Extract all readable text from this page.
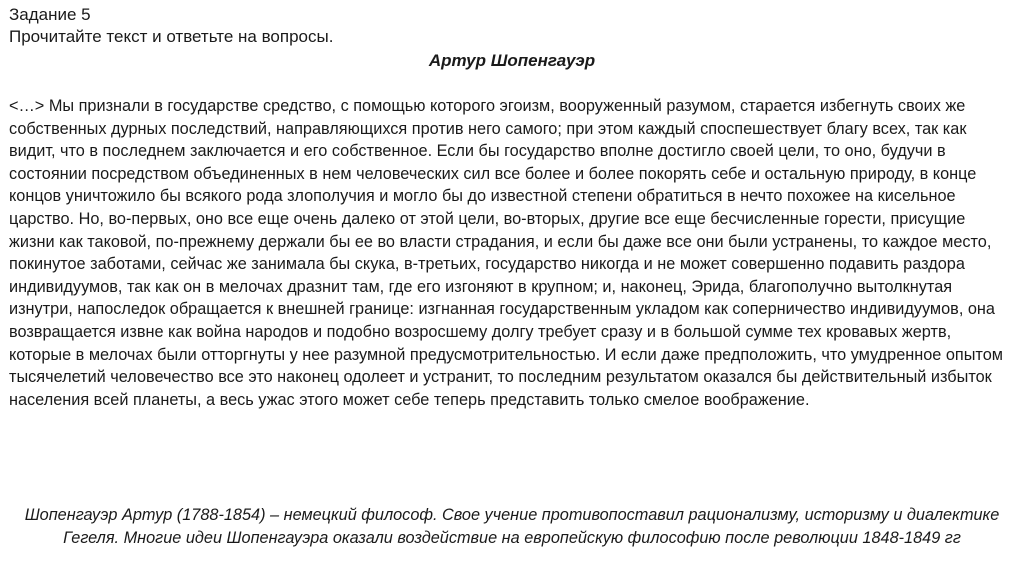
Задание 5

Прочитайте текст и ответьте на вопросы.

Артур Шопенгауэр

<…> Мы признали в государстве средство, с помощью которого эгоизм, вооруженный разумом, старается избегнуть своих же собственных дурных последствий, направляющихся против него самого; при этом каждый споспешествует благу всех, так как видит, что в последнем заключается и его собственное. Если бы государство вполне достигло своей цели, то оно, будучи в состоянии посредством объединенных в нем человеческих сил все более и более покорять себе и остальную природу, в конце концов уничтожило бы всякого рода злополучия и могло бы до известной степени обратиться в нечто похожее на кисельное царство. Но, во-первых, оно все еще очень далеко от этой цели, во-вторых, другие все еще бесчисленные горести, присущие жизни как таковой, по-прежнему держали бы ее во власти страдания, и если бы даже все они были устранены, то каждое место, покинутое заботами, сейчас же занимала бы скука, в-третьих, государство никогда и не может совершенно подавить раздора индивидуумов, так как он в мелочах дразнит там, где его изгоняют в крупном; и, наконец, Эрида, благополучно вытолкнутая изнутри, напоследок обращается к внешней границе: изгнанная государственным укладом как соперничество индивидуумов, она возвращается извне как война народов и подобно возросшему долгу требует сразу и в большой сумме тех кровавых жертв, которые в мелочах были отторгнуты у нее разумной предусмотрительностью. И если даже предположить, что умудренное опытом тысячелетий человечество все это наконец одолеет и устранит, то последним результатом оказался бы действительный избыток населения всей планеты, а весь ужас этого может себе теперь представить только смелое воображение.

Шопенгауэр Артур (1788-1854) – немецкий философ. Свое учение противопоставил рационализму, историзму и диалектике Гегеля. Многие идеи Шопенгауэра оказали воздействие на европейскую философию после революции 1848-1849 гг
